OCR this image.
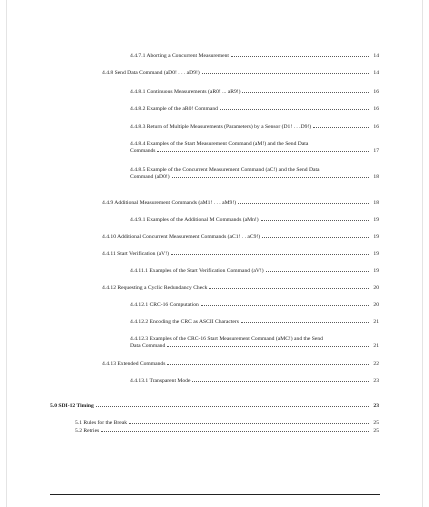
4.4.7.1 Aborting a Concurrent Measurement	14
4.4.8 Send Data Command (aD0! . . . aD9!)	14
4.4.8.1 Continuous Measurements (aR0! ... aR9!)	16
4.4.8.2 Example of the aR0! Command	16
4.4.8.3 Return of Multiple Measurements (Parameters) by a Sensor (D1! . . .D9!)	16
4.4.8.4 Examples of the Start Measurement Command (aM!) and the Send Data
Commands	17
4.4.8.5 Example of the Concurrent Measurement Command (aC!) and the Send Data
Command (aD0!)	18
4.4.9 Additional Measurement Commands (aM1! . . . aM9!)	18
4.4.9.1 Examples of the Additional M Commands (aMn!)	19
4.4.10 Additional Concurrent Measurement Commands (aC1! . . aC9!)	19
4.4.11 Start Verification (aV!)	19
4.4.11.1 Examples of the Start Verification Command (aV!)	19
4.4.12 Requesting a Cyclic Redundancy Check	20
4.4.12.1 CRC-16 Computation	20
4.4.12.2 Encoding the CRC as ASCII Characters	21
4.4.12.3 Examples of the CRC-16 Start Measurement Command (aMC!) and the Send
Data Command	21
4.4.13 Extended Commands	22
4.4.13.1 Transparent Mode	23
5.0 SDI-12 Timing	23
5.1 Rules for the Break	25
5.2 Retries	25
